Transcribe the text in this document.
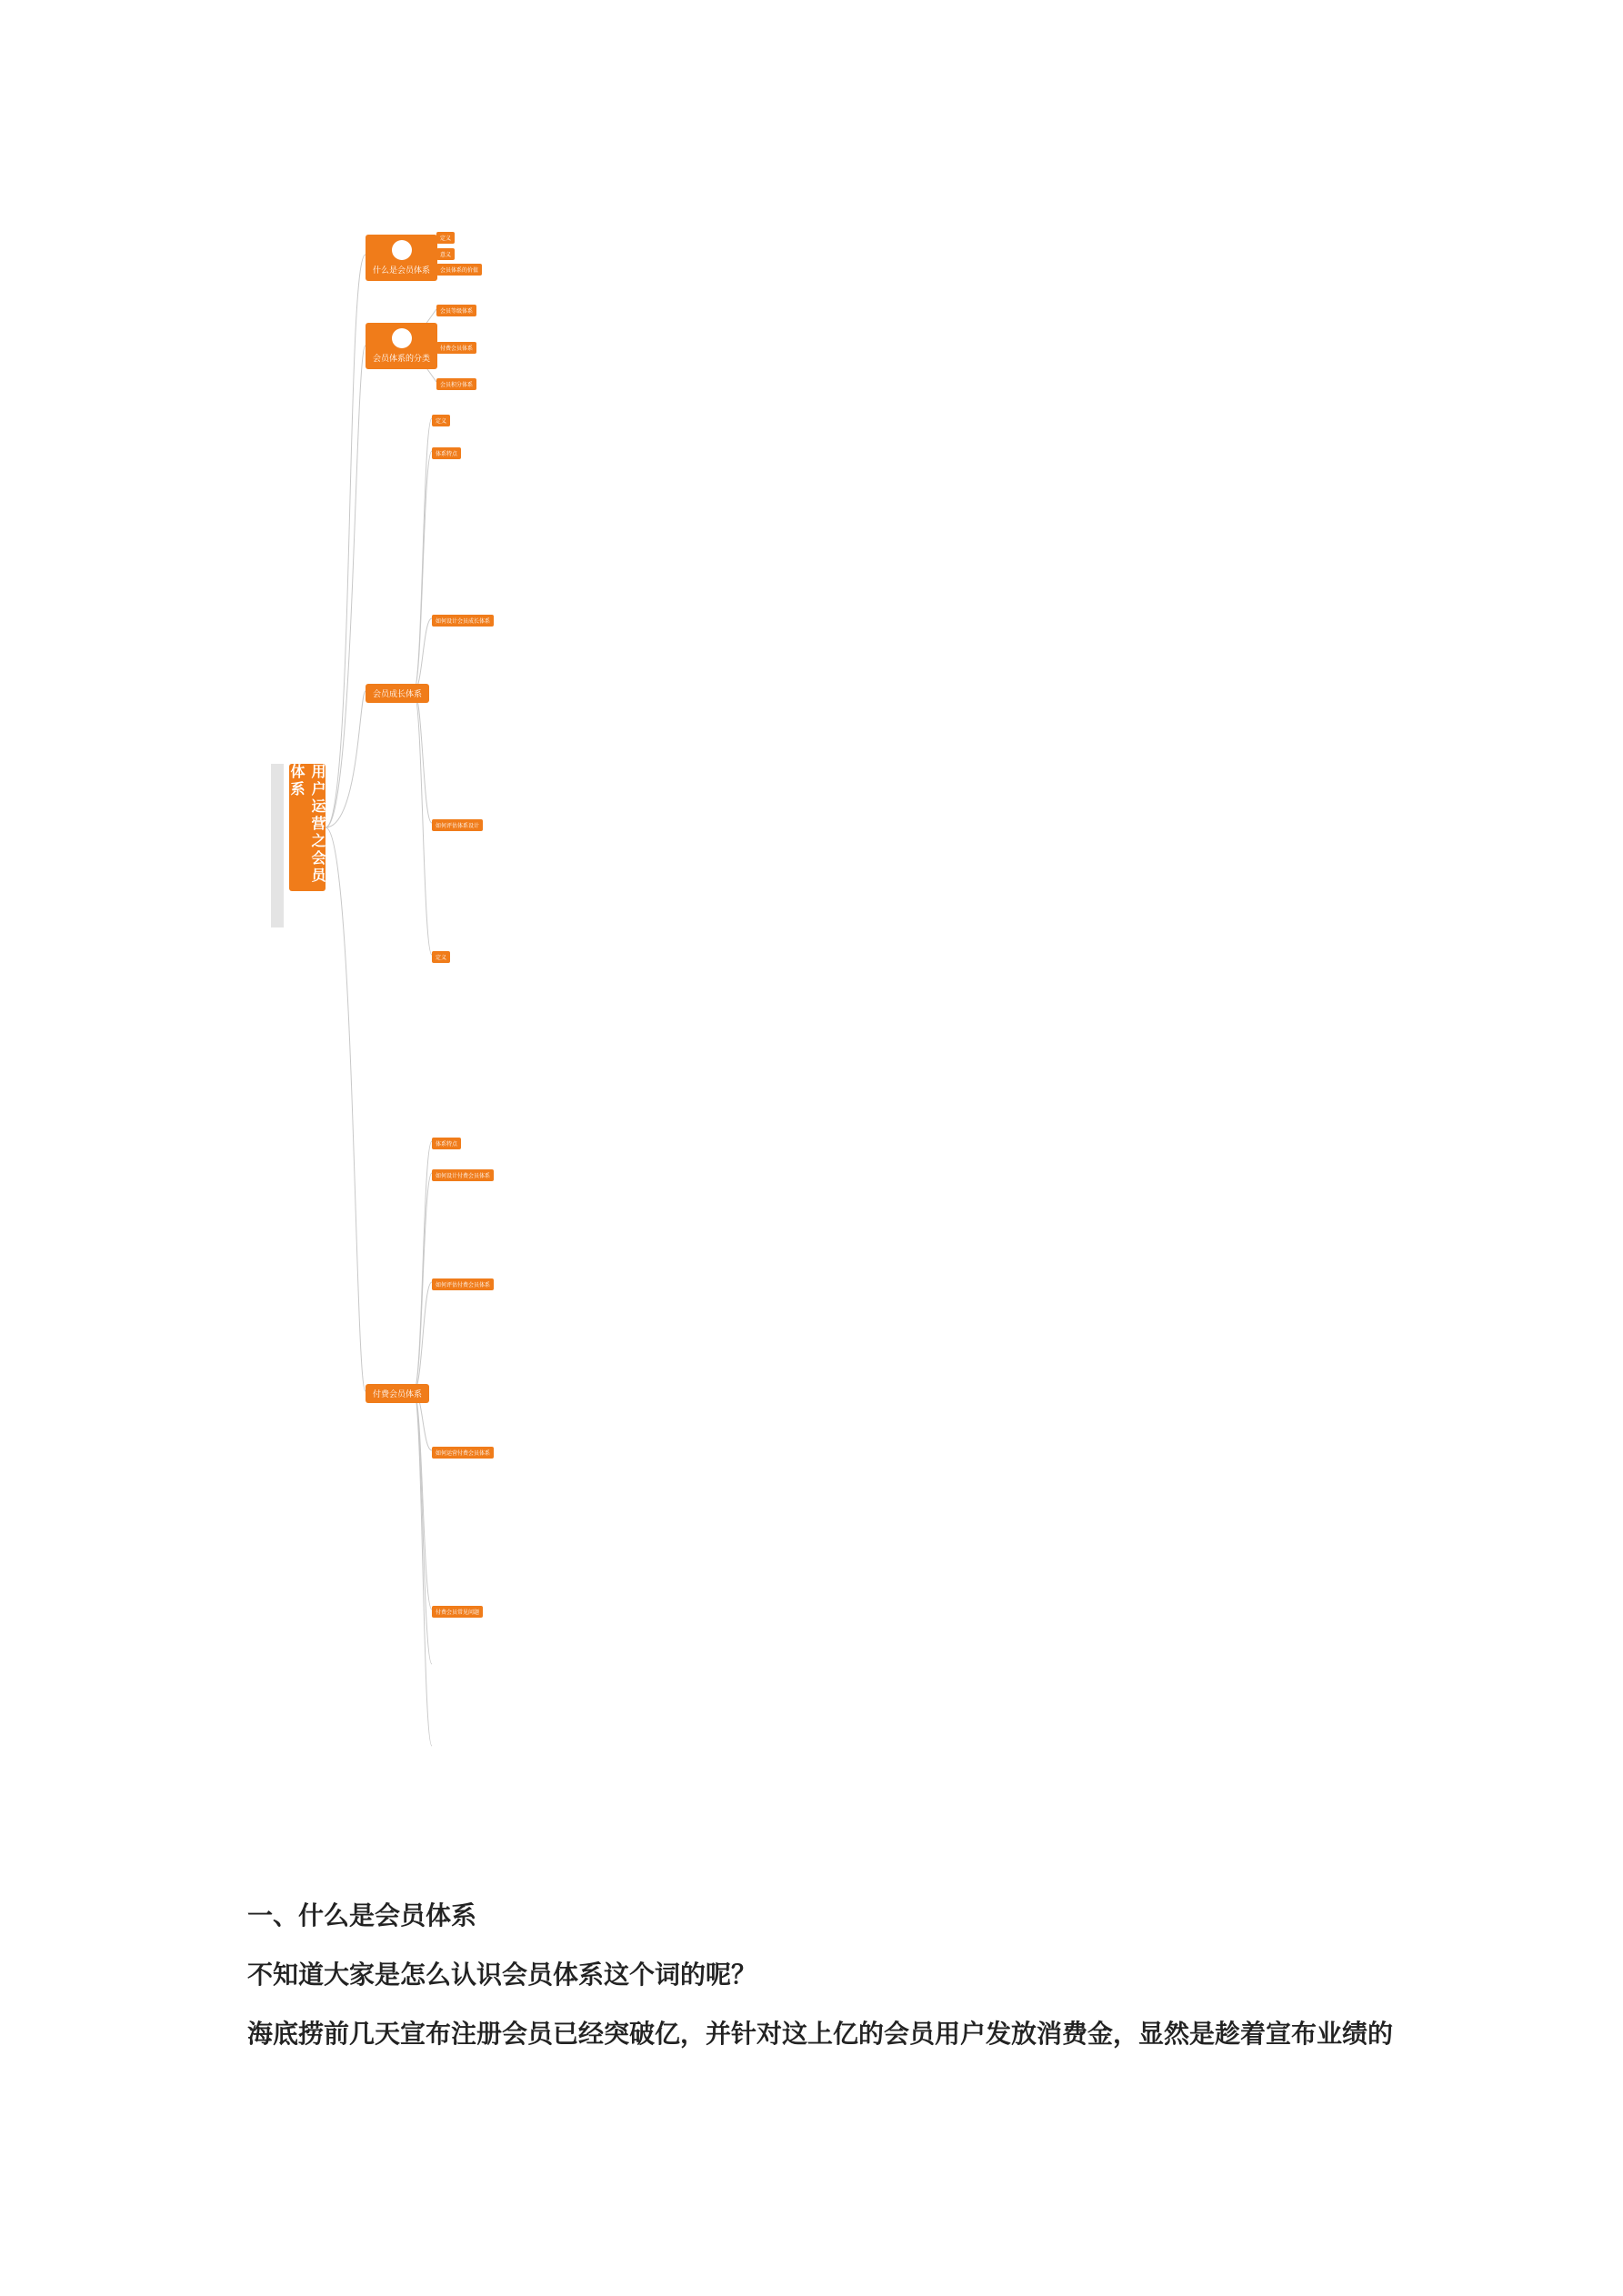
用户运营之会员体系
什么是会员体系
会员体系的分类
会员成长体系
付费会员体系
定义
意义
会员体系的价值
会员等级体系
付费会员体系
会员积分体系
定义
体系特点
如何设计会员成长体系
如何评估体系设计
定义
体系特点
如何设计付费会员体系
如何评估付费会员体系
如何运营付费会员体系
付费会员常见问题
一、什么是会员体系
不知道大家是怎么认识会员体系这个词的呢？
海底捞前几天宣布注册会员已经突破亿，并针对这上亿的会员用户发放消费金，显然是趁着宣布业绩的
